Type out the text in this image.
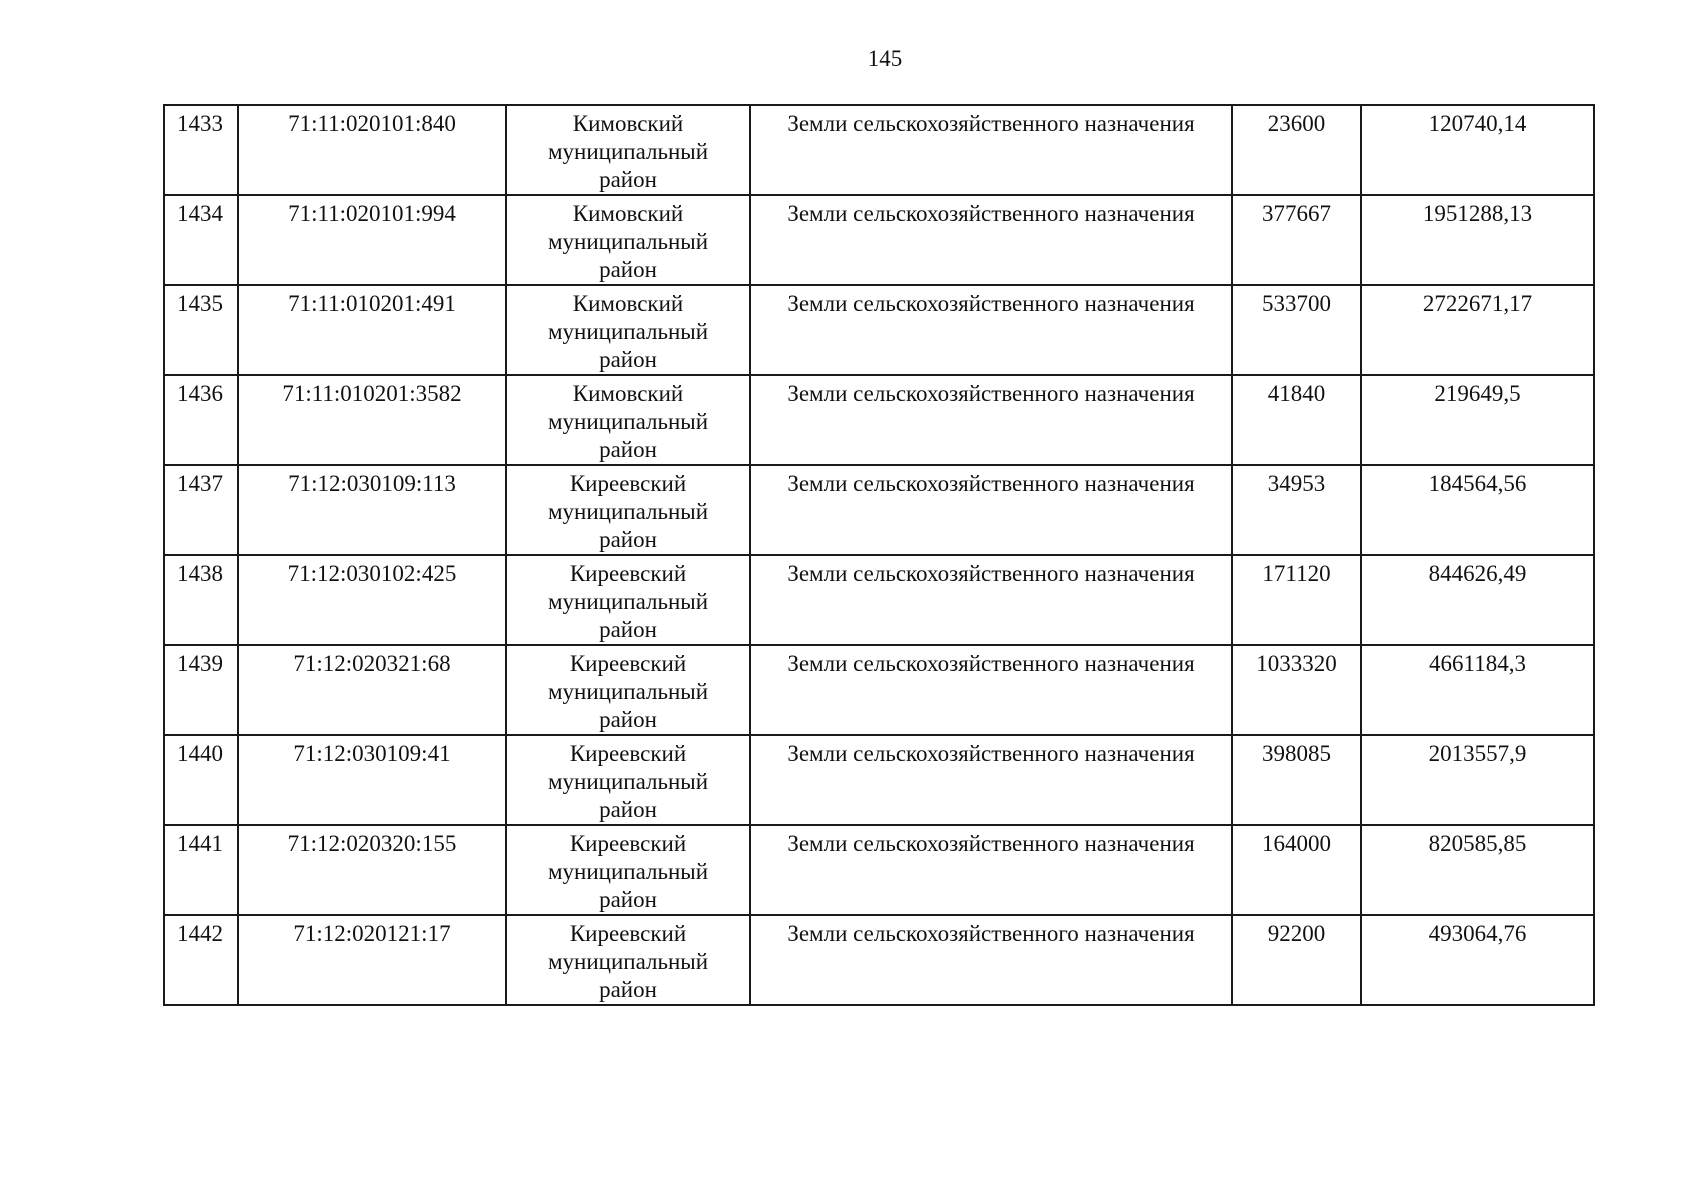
145
1433	71:11:020101:840	Кимовский
муниципальный
район	Земли сельскохозяйственного назначения	23600	120740,14
1434	71:11:020101:994	Кимовский
муниципальный
район	Земли сельскохозяйственного назначения	377667	1951288,13
1435	71:11:010201:491	Кимовский
муниципальный
район	Земли сельскохозяйственного назначения	533700	2722671,17
1436	71:11:010201:3582	Кимовский
муниципальный
район	Земли сельскохозяйственного назначения	41840	219649,5
1437	71:12:030109:113	Киреевский
муниципальный
район	Земли сельскохозяйственного назначения	34953	184564,56
1438	71:12:030102:425	Киреевский
муниципальный
район	Земли сельскохозяйственного назначения	171120	844626,49
1439	71:12:020321:68	Киреевский
муниципальный
район	Земли сельскохозяйственного назначения	1033320	4661184,3
1440	71:12:030109:41	Киреевский
муниципальный
район	Земли сельскохозяйственного назначения	398085	2013557,9
1441	71:12:020320:155	Киреевский
муниципальный
район	Земли сельскохозяйственного назначения	164000	820585,85
1442	71:12:020121:17	Киреевский
муниципальный
район	Земли сельскохозяйственного назначения	92200	493064,76
